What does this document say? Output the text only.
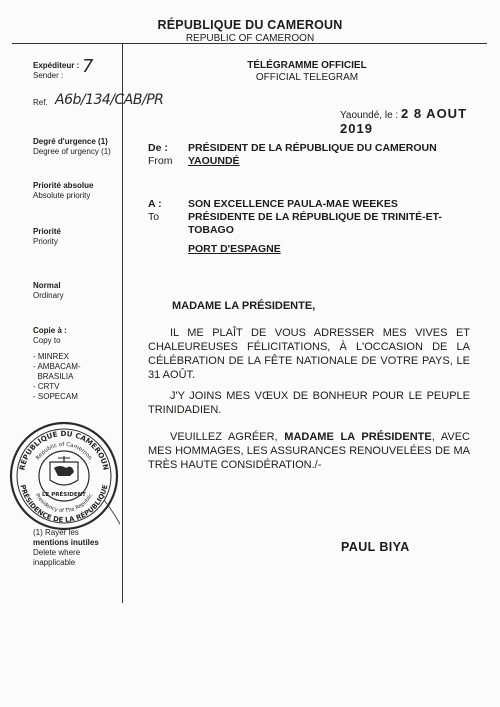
RÉPUBLIQUE DU CAMEROUN
REPUBLIC OF CAMEROON
TÉLÉGRAMME OFFICIEL
OFFICIAL TELEGRAM
Expéditeur :
Sender :	7
Ref. A6b/134/CAB/PR
Degré d'urgence (1)
Degree of urgency (1)
Priorité absolue
Absolute priority
Priorité
Priority
Normal
Ordinary
Copie à :
Copy to
- MINREX
- AMBACAM-
BRASILIA
- CRTV
- SOPECAM
(1) Rayer les
mentions inutiles
Delete where
inapplicable
RÉPUBLIQUE DU CAMEROUN
Republic of Cameroon
PRÉSIDENCE DE LA RÉPUBLIQUE
Presidency of The Republic
LE PRÉSIDENT
Yaoundé, le : 2 8 AOUT 2019
De :
From
PRÉSIDENT DE LA RÉPUBLIQUE DU CAMEROUN
YAOUNDÉ
A :
To
SON EXCELLENCE PAULA-MAE WEEKES
PRÉSIDENTE DE LA RÉPUBLIQUE DE TRINITÉ-ET-
TOBAGO
PORT D'ESPAGNE
MADAME LA PRÉSIDENTE,
IL ME PLAÎT DE VOUS ADRESSER MES VIVES ET CHALEUREUSES FÉLICITATIONS, À L'OCCASION DE LA CÉLÉBRATION DE LA FÊTE NATIONALE DE VOTRE PAYS, LE 31 AOÛT.
J'Y JOINS MES VŒUX DE BONHEUR POUR LE PEUPLE TRINIDADIEN.
VEUILLEZ AGRÉER, MADAME LA PRÉSIDENTE, AVEC MES HOMMAGES, LES ASSURANCES RENOUVELÉES DE MA TRÈS HAUTE CONSIDÉRATION./-
PAUL BIYA
